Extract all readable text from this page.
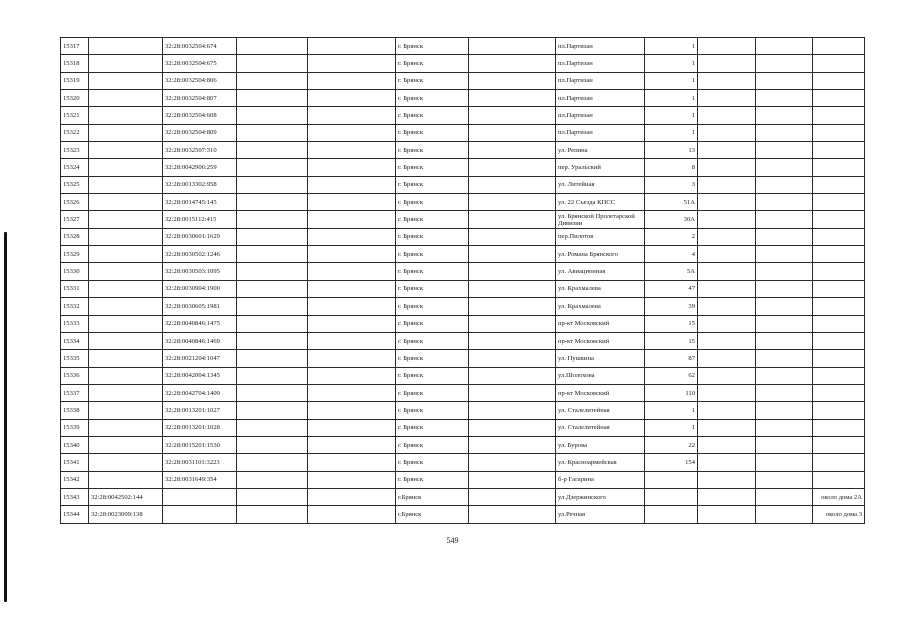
15317		32:28:0032504:674			г. Брянск		пл.Партизан	1			
15318		32:28:0032504:675			г. Брянск		пл.Партизан	1			
15319		32:28:0032504:806			г. Брянск		пл.Партизан	1			
15320		32:28:0032504:807			г. Брянск		пл.Партизан	1			
15321		32:28:0032504:608			г. Брянск		пл.Партизан	1			
15322		32:28:0032504:809			г. Брянск		пл.Партизан	1			
15323		32:28:0032507:310			г. Брянск		ул. Репина	13			
15324		32:28:0042906:259			г. Брянск		пер. Уральский	8			
15325		32:28:0013302:958			г. Брянск		ул. Литейная	3			
15326		32:28:0014745:145			г. Брянск		ул. 22 Съезда КПСС	51А			
15327		32:28:0015112:415			г. Брянск		ул. Брянской Пролетарской Дивизии	30А			
15328		32:28:0030601:1629			г. Брянск		пер.Пилотов	2			
15329		32:28:0030502:1246			г. Брянск		ул. Романа Брянского	4			
15330		32:28:0030503:1095			г. Брянск		ул. Авиационная	5А			
15331		32:28:0030904:1900			г. Брянск		ул. Крахмалева	47			
15332		32:28:0030605:1981			г. Брянск		ул. Крахмалева	39			
15333		32:28:0040846:1475			г. Брянск		пр-кт Московский	15			
15334		32:28:0040846:1469			г. Брянск		пр-кт Московский	15			
15335		32:28:0021204:1047			г. Брянск		ул. Пушкина	87			
15336		32:28:0042004:1345			г. Брянск		ул.Шолохова	62			
15337		32:28:0042704:1409			г. Брянск		пр-кт Московский	110			
15338		32:28:0013201:1027			г. Брянск		ул. Сталелитейная	1			
15339		32:28:0013201:1028			г. Брянск		ул. Сталелитейная	1			
15340		32:28:0015201:1530			г. Брянск		ул. Бурова	22			
15341		32:28:0031101:3223			г. Брянск		ул. Красноармейская	154			
15342		32:28:0031649:354			г. Брянск		б-р Гагарина				
15343	32:28:0042502:144				г.Брянск		ул.Дзержинского				около дома 2А
15344	32:28:0023009:138				г.Брянск		ул.Речная				около дома 3
549
